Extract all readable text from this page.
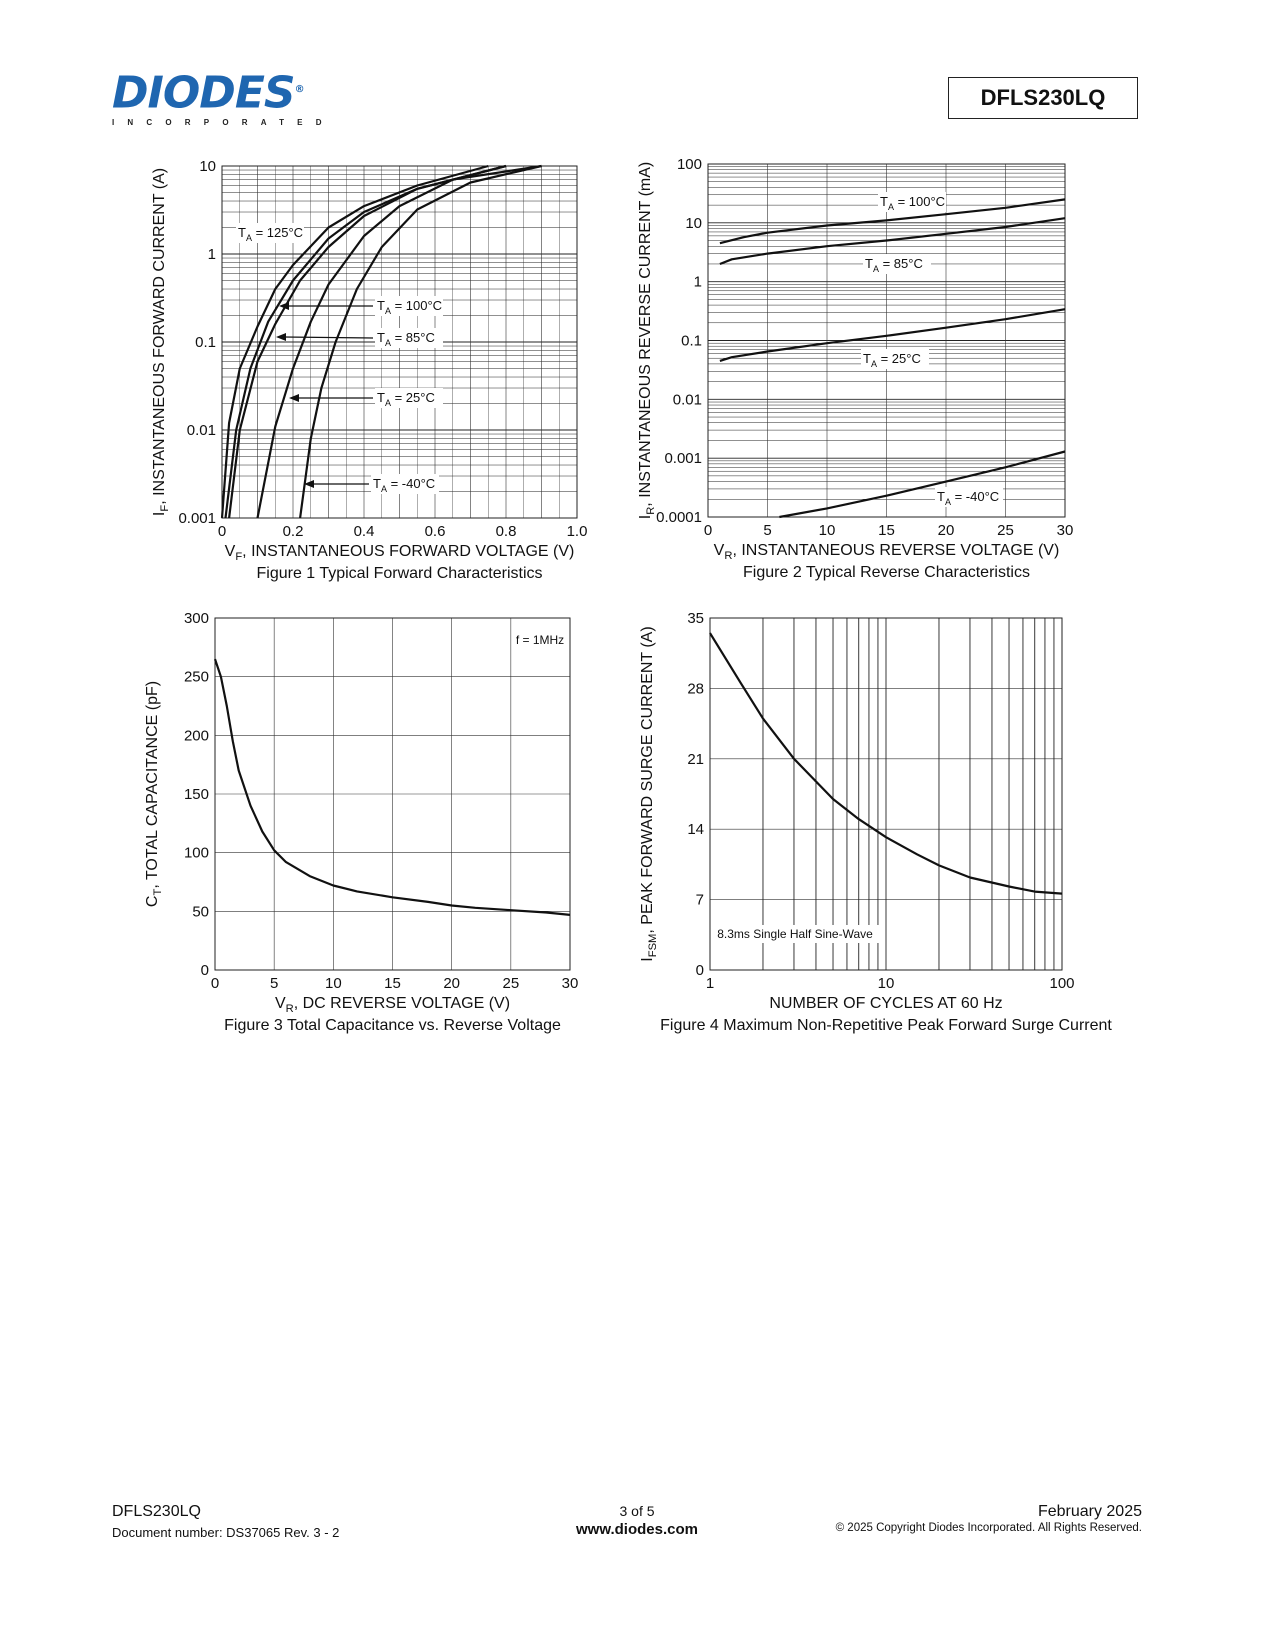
DIODES®
INCORPORATED
DFLS230LQ
0	0.2	0.4	0.6	0.8	1.0
0.001
0.01
0.1
1
10
$V_F$, INSTANTANEOUS FORWARD VOLTAGE (V)
$I_F$, INSTANTANEOUS FORWARD CURRENT (A)
Figure 1 Typical Forward Characteristics
$T_A = 125^\circ C$
$T_A = 100^\circ C$
$T_A = 85^\circ C$
$T_A = 25^\circ C$
$T_A = -40^\circ C$
0	5	10	15	20	25	30
0.0001
0.001
0.01
0.1
1
10
100
$V_R$, INSTANTANEOUS REVERSE VOLTAGE (V)
$I_R$, INSTANTANEOUS REVERSE CURRENT (mA)
Figure 2 Typical Reverse Characteristics
$T_A = 100^\circ C$
$T_A = 85^\circ C$
$T_A = 25^\circ C$
$T_A = -40^\circ C$
0	5	10	15	20	25	30
0
50
100
150
200
250
300
$V_R$, DC REVERSE VOLTAGE (V)
$C_T$, TOTAL CAPACITANCE (pF)
Figure 3 Total Capacitance vs. Reverse Voltage
f = 1MHz
1	10	100
0
7
14
21
28
35
NUMBER OF CYCLES AT 60 Hz
$I_{FSM}$, PEAK FORWARD SURGE CURRENT (A)
Figure 4 Maximum Non-Repetitive Peak Forward Surge Current
8.3ms Single Half Sine-Wave
DFLS230LQ
Document number: DS37065 Rev. 3 - 2
3 of 5
www.diodes.com
February 2025
© 2025 Copyright Diodes Incorporated. All Rights Reserved.
